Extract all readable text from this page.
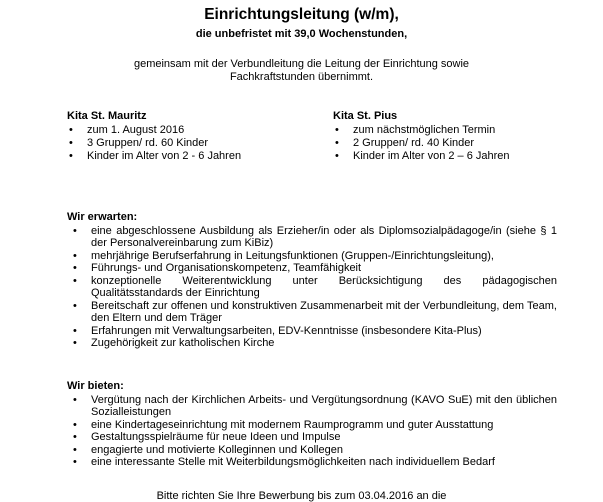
Einrichtungsleitung (w/m),
die unbefristet mit 39,0 Wochenstunden,
gemeinsam mit der Verbundleitung die Leitung der Einrichtung sowie
Fachkraftstunden übernimmt.
Kita St. Mauritz
• zum 1. August 2016
• 3 Gruppen/ rd. 60 Kinder
• Kinder im Alter von 2 - 6 Jahren
Kita St. Pius
• zum nächstmöglichen Termin
• 2 Gruppen/ rd. 40 Kinder
• Kinder im Alter von 2 – 6 Jahren
Wir erwarten:
• eine abgeschlossene Ausbildung als Erzieher/in oder als Diplomsozialpädagoge/in (siehe § 1 der Personalvereinbarung zum KiBiz)
• mehrjährige Berufserfahrung in Leitungsfunktionen (Gruppen-/Einrichtungsleitung),
• Führungs- und Organisationskompetenz, Teamfähigkeit
• konzeptionelle Weiterentwicklung unter Berücksichtigung des pädagogischen Qualitätsstandards der Einrichtung
• Bereitschaft zur offenen und konstruktiven Zusammenarbeit mit der Verbundleitung, dem Team, den Eltern und dem Träger
• Erfahrungen mit Verwaltungsarbeiten, EDV-Kenntnisse (insbesondere Kita-Plus)
• Zugehörigkeit zur katholischen Kirche
Wir bieten:
• Vergütung nach der Kirchlichen Arbeits- und Vergütungsordnung (KAVO SuE) mit den üblichen Sozialleistungen
• eine Kindertageseinrichtung mit modernem Raumprogramm und guter Ausstattung
• Gestaltungsspielräume für neue Ideen und Impulse
• engagierte und motivierte Kolleginnen und Kollegen
• eine interessante Stelle mit Weiterbildungsmöglichkeiten nach individuellem Bedarf
Bitte richten Sie Ihre Bewerbung bis zum 03.04.2016 an die
